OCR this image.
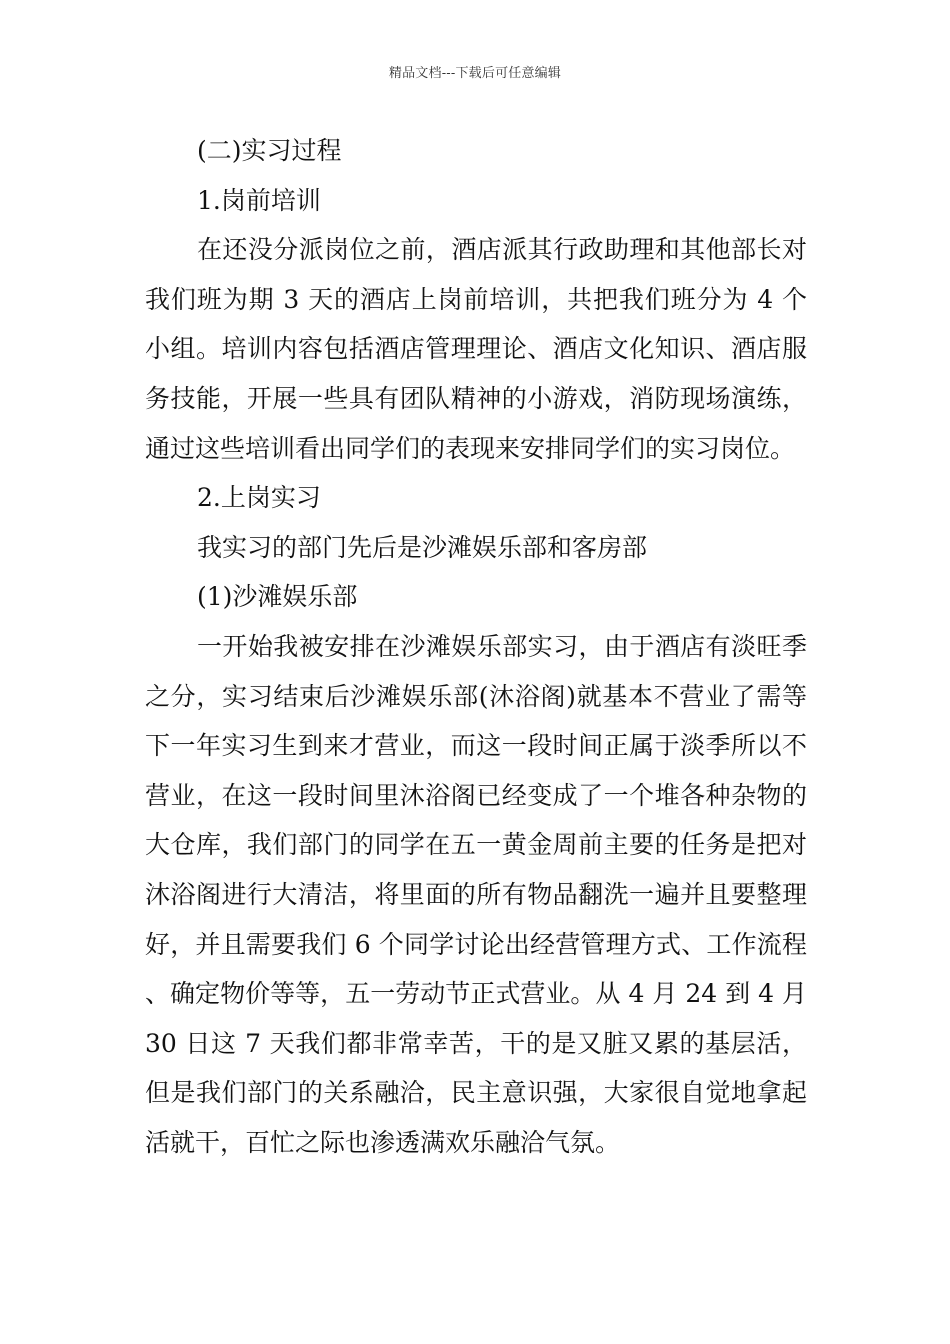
精品文档---下载后可任意编辑

(二)实习过程

1.岗前培训

在还没分派岗位之前，酒店派其行政助理和其他部长对我们班为期 3 天的酒店上岗前培训，共把我们班分为 4 个小组。培训内容包括酒店管理理论、酒店文化知识、酒店服务技能，开展一些具有团队精神的小游戏，消防现场演练，通过这些培训看出同学们的表现来安排同学们的实习岗位。

2.上岗实习

我实习的部门先后是沙滩娱乐部和客房部

(1)沙滩娱乐部

一开始我被安排在沙滩娱乐部实习，由于酒店有淡旺季之分，实习结束后沙滩娱乐部(沐浴阁)就基本不营业了需等下一年实习生到来才营业，而这一段时间正属于淡季所以不营业，在这一段时间里沐浴阁已经变成了一个堆各种杂物的大仓库，我们部门的同学在五一黄金周前主要的任务是把对沐浴阁进行大清洁，将里面的所有物品翻洗一遍并且要整理好，并且需要我们 6 个同学讨论出经营管理方式、工作流程、确定物价等等，五一劳动节正式营业。从 4 月 24 到 4 月 30 日这 7 天我们都非常幸苦，干的是又脏又累的基层活，但是我们部门的关系融洽，民主意识强，大家很自觉地拿起活就干，百忙之际也渗透满欢乐融洽气氛。
